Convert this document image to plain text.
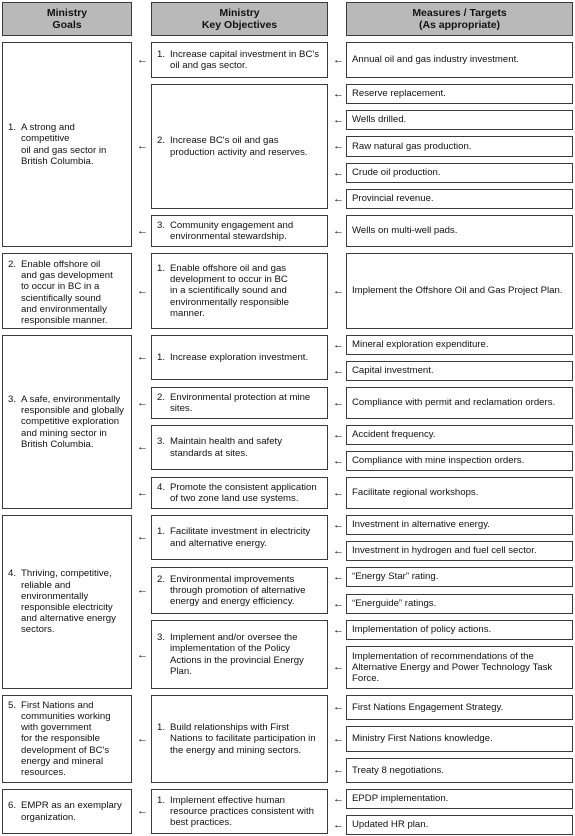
Ministry
Goals
Ministry
Key Objectives
Measures / Targets
(As appropriate)
1. A strong and competitive
oil and gas sector in
British Columbia.
2. Enable offshore oil
and gas development
to occur in BC in a
scientifically sound
and environmentally
responsible manner.
3. A safe, environmentally
responsible and globally
competitive exploration
and mining sector in
British Columbia.
4. Thriving, competitive,
reliable and
environmentally
responsible electricity
and alternative energy
sectors.
5. First Nations and
communities working
with government
for the responsible
development of BC's
energy and mineral
resources.
6. EMPR as an exemplary
organization.
1. Increase capital investment in BC's
oil and gas sector.
2. Increase BC's oil and gas
production activity and reserves.
3. Community engagement and
environmental stewardship.
1. Enable offshore oil and gas
development to occur in BC
in a scientifically sound and
environmentally responsible
manner.
1. Increase exploration investment.
2. Environmental protection at mine
sites.
3. Maintain health and safety
standards at sites.
4. Promote the consistent application
of two zone land use systems.
1. Facilitate investment in electricity
and alternative energy.
2. Environmental improvements
through promotion of alternative
energy and energy efficiency.
3. Implement and/or oversee the
implementation of the Policy
Actions in the provincial Energy
Plan.
1. Build relationships with First
Nations to facilitate participation in
the energy and mining sectors.
1. Implement effective human
resource practices consistent with
best practices.
Annual oil and gas industry investment.
Reserve replacement.
Wells drilled.
Raw natural gas production.
Crude oil production.
Provincial revenue.
Wells on multi-well pads.
Implement the Offshore Oil and Gas Project Plan.
Mineral exploration expenditure.
Capital investment.
Compliance with permit and reclamation orders.
Accident frequency.
Compliance with mine inspection orders.
Facilitate regional workshops.
Investment in alternative energy.
Investment in hydrogen and fuel cell sector.
“Energy Star” rating.
“Energuide” ratings.
Implementation of policy actions.
Implementation of recommendations of the
Alternative Energy and Power Technology Task
Force.
First Nations Engagement Strategy.
Ministry First Nations knowledge.
Treaty 8 negotiations.
EPDP implementation.
Updated HR plan.
←
←
←
←
←
←
←
←
←
←
←
←
←
←
←
←
←
←
←
←
←
←
←
←
←
←
←
←
←
←
←
←
←
←
←
←
←
←
